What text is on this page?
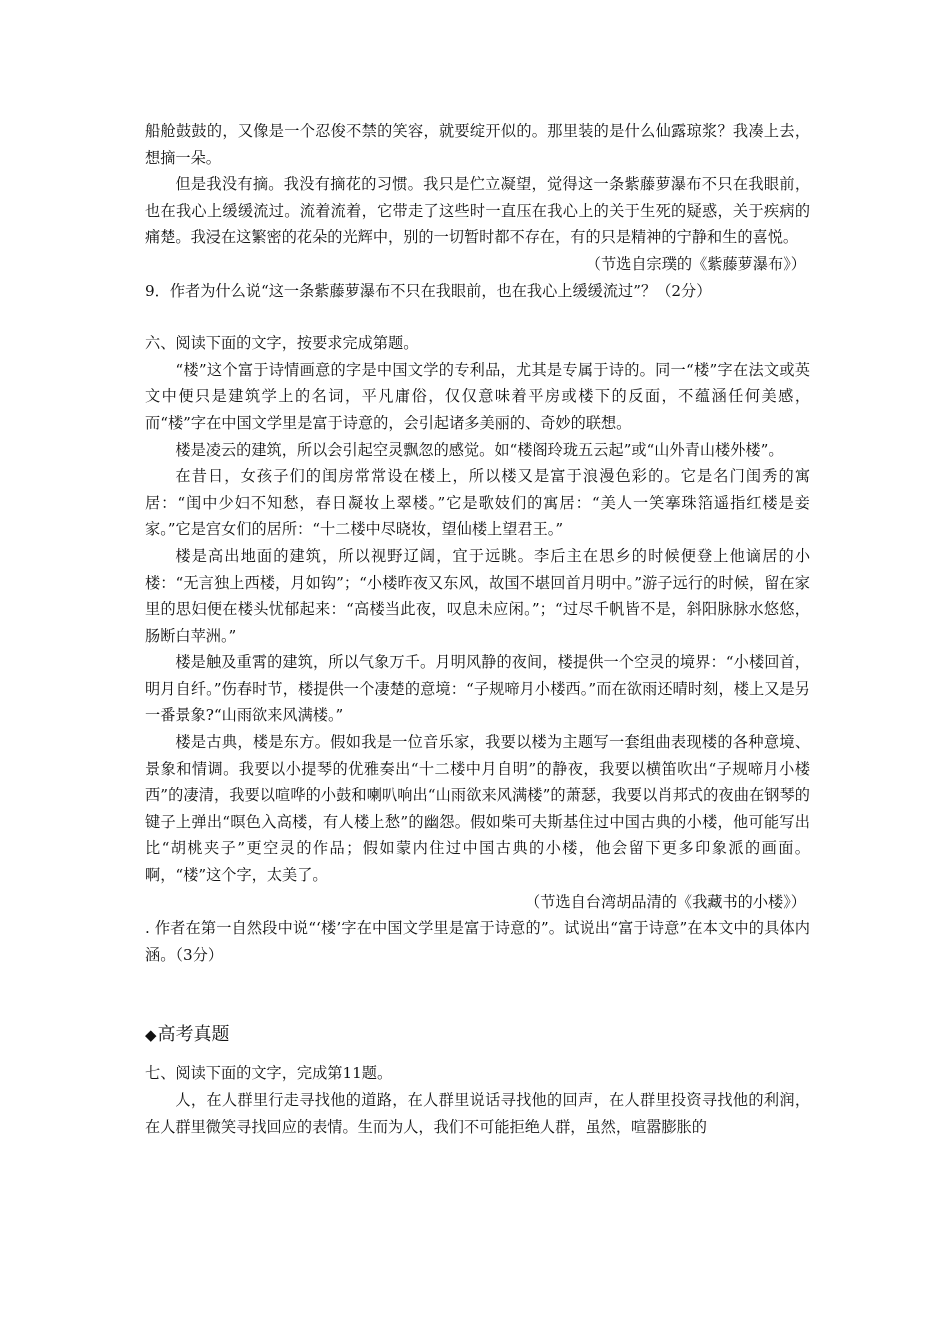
船舱鼓鼓的，又像是一个忍俊不禁的笑容，就要绽开似的。那里装的是什么仙露琼浆？我凑上去，想摘一朵。

但是我没有摘。我没有摘花的习惯。我只是伫立凝望，觉得这一条紫藤萝瀑布不只在我眼前，也在我心上缓缓流过。流着流着，它带走了这些时一直压在我心上的关于生死的疑惑，关于疾病的痛楚。我浸在这繁密的花朵的光辉中，别的一切暂时都不存在，有的只是精神的宁静和生的喜悦。

（节选自宗璞的《紫藤萝瀑布》）

9．作者为什么说“这一条紫藤萝瀑布不只在我眼前，也在我心上缓缓流过”？（2分）

六、阅读下面的文字，按要求完成第题。

“楼”这个富于诗情画意的字是中国文学的专利品，尤其是专属于诗的。同一“楼”字在法文或英文中便只是建筑学上的名词，平凡庸俗，仅仅意味着平房或楼下的反面，不蕴涵任何美感，而“楼”字在中国文学里是富于诗意的，会引起诸多美丽的、奇妙的联想。

楼是凌云的建筑，所以会引起空灵飘忽的感觉。如“楼阁玲珑五云起”或“山外青山楼外楼”。

在昔日，女孩子们的闺房常常设在楼上，所以楼又是富于浪漫色彩的。它是名门闺秀的寓居：“闺中少妇不知愁，春日凝妆上翠楼。”它是歌妓们的寓居：“美人一笑搴珠箔遥指红楼是妾家。”它是宫女们的居所：“十二楼中尽晓妆，望仙楼上望君王。”

楼是高出地面的建筑，所以视野辽阔，宜于远眺。李后主在思乡的时候便登上他谪居的小楼：“无言独上西楼，月如钩”；“小楼昨夜又东风，故国不堪回首月明中。”游子远行的时候，留在家里的思妇便在楼头忧郁起来：“高楼当此夜，叹息未应闲。”；“过尽千帆皆不是，斜阳脉脉水悠悠，肠断白苹洲。”

楼是触及重霄的建筑，所以气象万千。月明风静的夜间，楼提供一个空灵的境界：“小楼回首，明月自纤。”伤春时节，楼提供一个凄楚的意境：“子规啼月小楼西。”而在欲雨还晴时刻，楼上又是另一番景象?“山雨欲来风满楼。”

楼是古典，楼是东方。假如我是一位音乐家，我要以楼为主题写一套组曲表现楼的各种意境、景象和情调。我要以小提琴的优雅奏出“十二楼中月自明”的静夜，我要以横笛吹出“子规啼月小楼西”的凄清，我要以喧哗的小鼓和喇叭响出“山雨欲来风满楼”的萧瑟，我要以肖邦式的夜曲在钢琴的键子上弹出“暝色入高楼，有人楼上愁”的幽怨。假如柴可夫斯基住过中国古典的小楼，他可能写出比“胡桃夹子”更空灵的作品；假如蒙内住过中国古典的小楼，他会留下更多印象派的画面。啊，“楼”这个字，太美了。

（节选自台湾胡品清的《我藏书的小楼》）

. 作者在第一自然段中说“‘楼’字在中国文学里是富于诗意的”。试说出“富于诗意”在本文中的具体内涵。（3分）

◆高考真题

七、阅读下面的文字，完成第11题。

人，在人群里行走寻找他的道路，在人群里说话寻找他的回声，在人群里投资寻找他的利润，在人群里微笑寻找回应的表情。生而为人，我们不可能拒绝人群，虽然，喧嚣膨胀的
